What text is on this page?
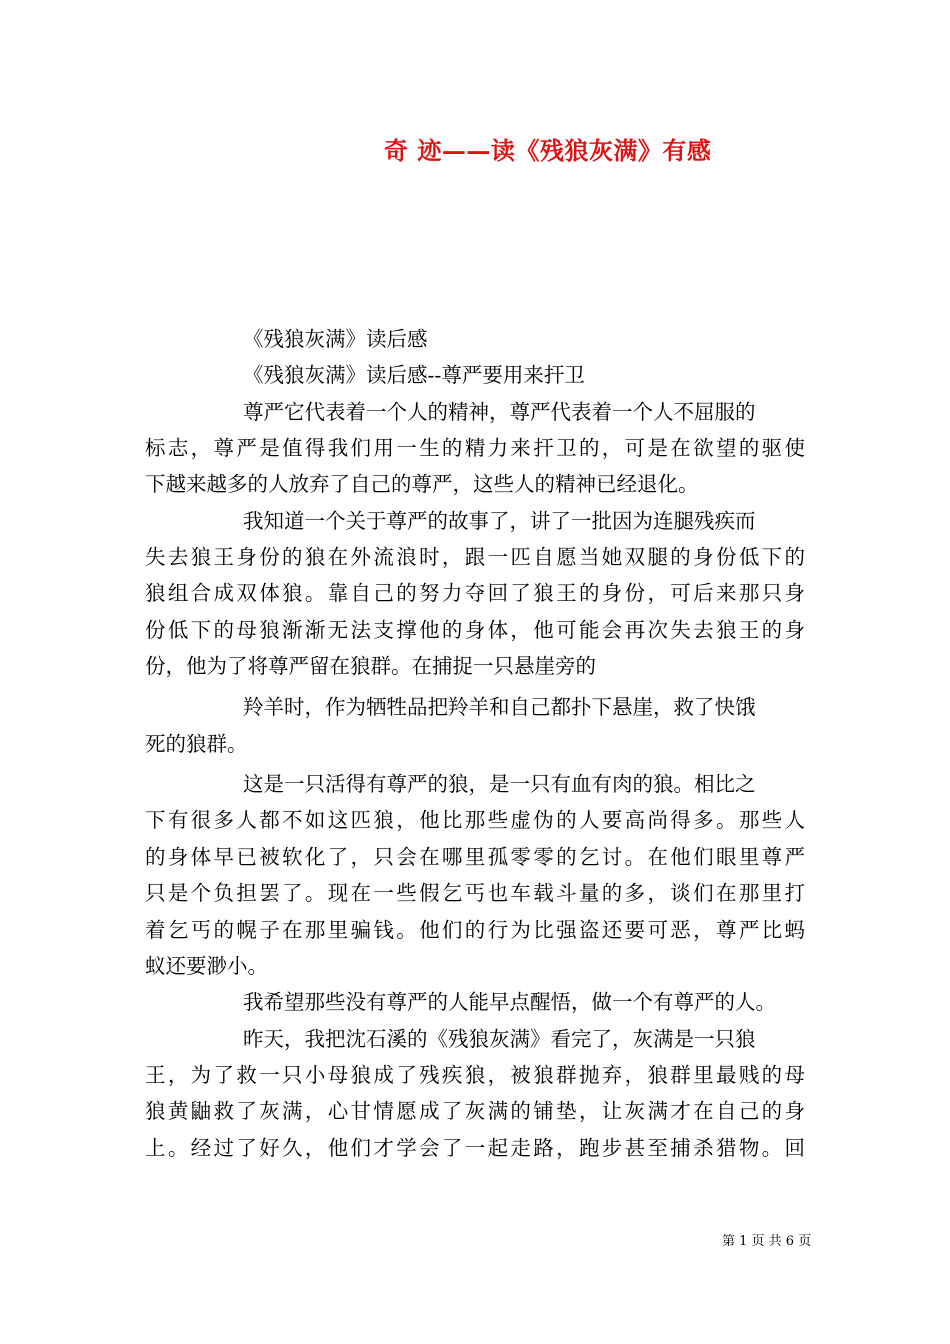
奇 迹——读《残狼灰满》有感
《残狼灰满》读后感
《残狼灰满》读后感--尊严要用来扞卫
尊严它代表着一个人的精神，尊严代表着一个人不屈服的
标志，尊严是值得我们用一生的精力来扞卫的，可是在欲望的驱使
下越来越多的人放弃了自己的尊严，这些人的精神已经退化。
我知道一个关于尊严的故事了，讲了一批因为连腿残疾而
失去狼王身份的狼在外流浪时，跟一匹自愿当她双腿的身份低下的
狼组合成双体狼。靠自己的努力夺回了狼王的身份，可后来那只身
份低下的母狼渐渐无法支撑他的身体，他可能会再次失去狼王的身
份，他为了将尊严留在狼群。在捕捉一只悬崖旁的
羚羊时，作为牺牲品把羚羊和自己都扑下悬崖，救了快饿
死的狼群。
这是一只活得有尊严的狼，是一只有血有肉的狼。相比之
下有很多人都不如这匹狼，他比那些虚伪的人要高尚得多。那些人
的身体早已被软化了，只会在哪里孤零零的乞讨。在他们眼里尊严
只是个负担罢了。现在一些假乞丐也车载斗量的多，谈们在那里打
着乞丐的幌子在那里骗钱。他们的行为比强盗还要可恶，尊严比蚂
蚁还要渺小。
我希望那些没有尊严的人能早点醒悟，做一个有尊严的人。
昨天，我把沈石溪的《残狼灰满》看完了，灰满是一只狼
王，为了救一只小母狼成了残疾狼，被狼群抛弃，狼群里最贱的母
狼黄鼬救了灰满，心甘情愿成了灰满的铺垫，让灰满才在自己的身
上。经过了好久，他们才学会了一起走路，跑步甚至捕杀猎物。回
第 1 页 共 6 页
